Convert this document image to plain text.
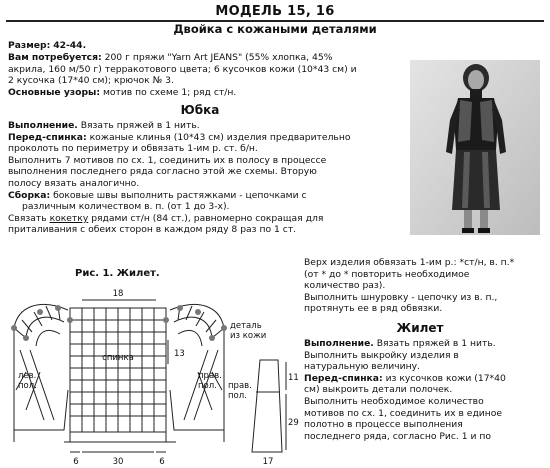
МОДЕЛЬ 15, 16
Двойка с кожаными деталями
Размер: 42-44.
Вам потребуется: 200 г пряжи "Yarn Art JEANS" (55% хлопка, 45%
акрила, 160 м/50 г) терракотового цвета; 6 кусочков кожи (10*43 см) и
2 кусочка (17*40 см); крючок № 3.
Основные узоры: мотив по схеме 1; ряд ст/н.
Юбка
Выполнение. Вязать пряжей в 1 нить.
Перед-спинка: кожаные клинья (10*43 см) изделия предварительно
проколоть по периметру и обвязать 1-им р. ст. б/н.
Выполнить 7 мотивов по сх. 1, соединить их в полосу в процессе
выполнения последнего ряда согласно этой же схемы. Вторую
полосу вязать аналогично.
Сборка: боковые швы выполнить растяжками - цепочками с
различным количеством в. п. (от 1 до 3-х).
Связать кокетку рядами ст/н (84 ст.), равномерно сокращая для
приталивания с обеих сторон в каждом ряду 8 раз по 1 ст.
Верх изделия обвязать 1-им р.: *ст/н, в. п.*
(от * до * повторить необходимое
количество раз).
Выполнить шнуровку - цепочку из в. п.,
протянуть ее в ряд обвязки.
Жилет
Выполнение. Вязать пряжей в 1 нить.
Выполнить выкройку изделия в
натуральную величину.
Перед-спинка: из кусочков кожи (17*40
см) выкроить детали полочек.
Выполнить необходимое количество
мотивов по сх. 1, соединить их в единое
полотно в процессе выполнения
последнего ряда, согласно Рис. 1 и по
Рис. 1. Жилет.
18
13
6	30	6
спинка
лев.
пол.
прав.
пол.
деталь
из кожи
прав.
пол.
11
29
17
